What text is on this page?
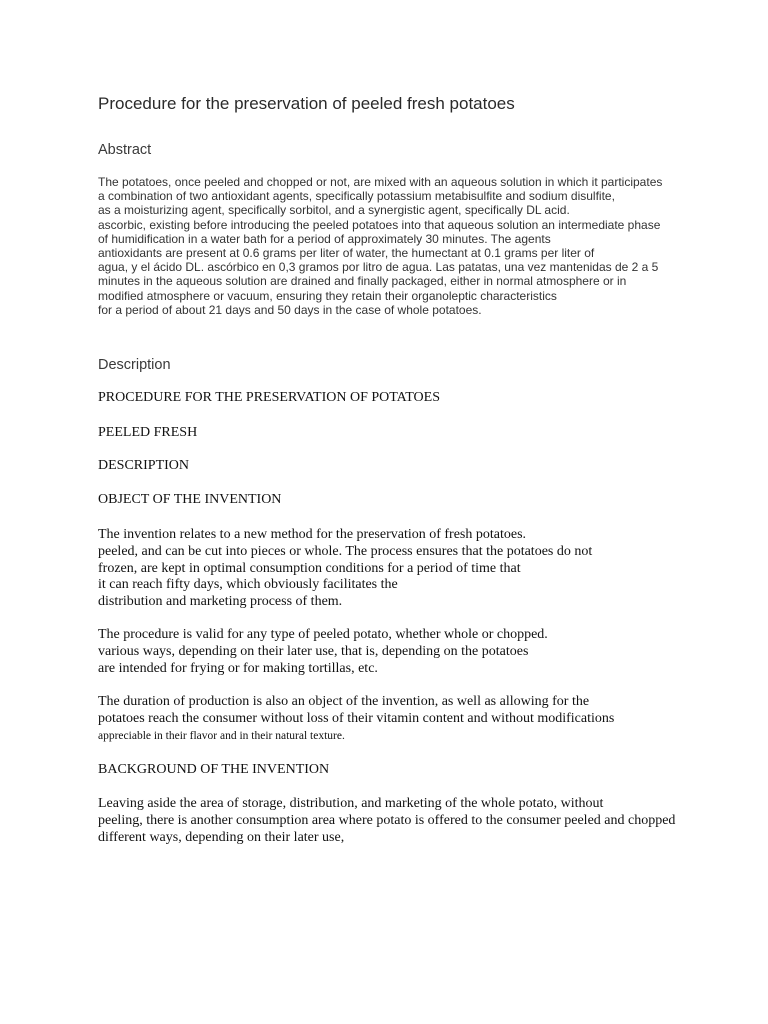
Procedure for the preservation of peeled fresh potatoes
Abstract
The potatoes, once peeled and chopped or not, are mixed with an aqueous solution in which it participates
a combination of two antioxidant agents, specifically potassium metabisulfite and sodium disulfite,
as a moisturizing agent, specifically sorbitol, and a synergistic agent, specifically DL acid.
ascorbic, existing before introducing the peeled potatoes into that aqueous solution an intermediate phase
of humidification in a water bath for a period of approximately 30 minutes. The agents
antioxidants are present at 0.6 grams per liter of water, the humectant at 0.1 grams per liter of
agua, y el ácido DL. ascórbico en 0,3 gramos por litro de agua. Las patatas, una vez mantenidas de 2 a 5
minutes in the aqueous solution are drained and finally packaged, either in normal atmosphere or in
modified atmosphere or vacuum, ensuring they retain their organoleptic characteristics
for a period of about 21 days and 50 days in the case of whole potatoes.
Description
PROCEDURE FOR THE PRESERVATION OF POTATOES
PEELED FRESH
DESCRIPTION
OBJECT OF THE INVENTION
The invention relates to a new method for the preservation of fresh potatoes.
peeled, and can be cut into pieces or whole. The process ensures that the potatoes do not
frozen, are kept in optimal consumption conditions for a period of time that
it can reach fifty days, which obviously facilitates the
distribution and marketing process of them.
The procedure is valid for any type of peeled potato, whether whole or chopped.
various ways, depending on their later use, that is, depending on the potatoes
are intended for frying or for making tortillas, etc.
The duration of production is also an object of the invention, as well as allowing for the
potatoes reach the consumer without loss of their vitamin content and without modifications
appreciable in their flavor and in their natural texture.
BACKGROUND OF THE INVENTION
Leaving aside the area of storage, distribution, and marketing of the whole potato, without
peeling, there is another consumption area where potato is offered to the consumer peeled and chopped
different ways, depending on their later use,
